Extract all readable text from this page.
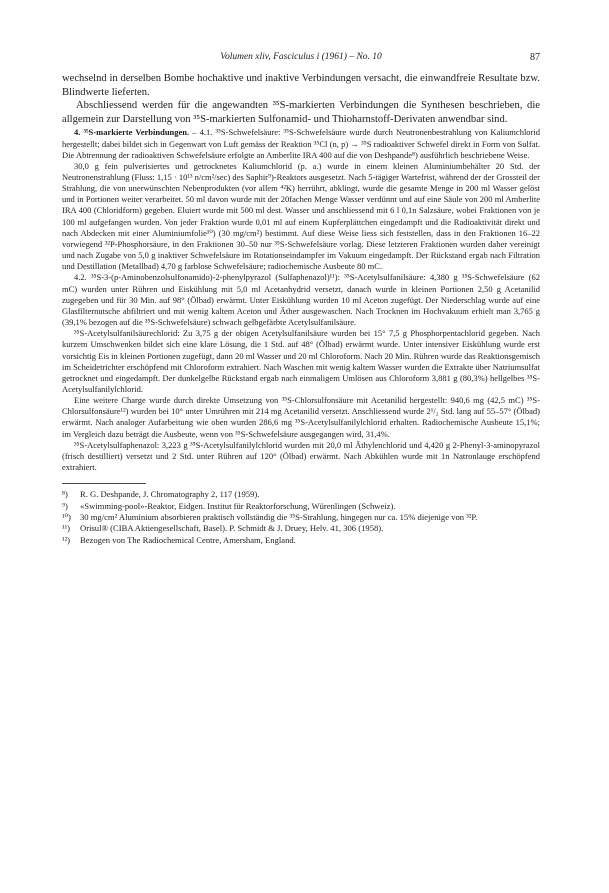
Volumen xliv, Fasciculus i (1961) – No. 10	87

wechselnd in derselben Bombe hochaktive und inaktive Verbindungen versacht, die einwandfreie Resultate bzw. Blindwerte lieferten.

Abschliessend werden für die angewandten ³⁵S-markierten Verbindungen die Synthesen beschrieben, die allgemein zur Darstellung von ³⁵S-markierten Sulfonamid- und Thioharnstoff-Derivaten anwendbar sind.

4. ³⁵S-markierte Verbindungen. – 4.1. ³⁵S-Schwefelsäure: ³⁵S-Schwefelsäure wurde durch Neutronenbestrahlung von Kaliumchlorid hergestellt; dabei bildet sich in Gegenwart von Luft gemäss der Reaktion ³⁵Cl (n, p) → ³⁵S radioaktiver Schwefel direkt in Form von Sulfat. Die Abtrennung der radioaktiven Schwefelsäure erfolgte an Amberlite IRA 400 auf die von Deshpande⁸) ausführlich beschriebene Weise.

30,0 g fein pulverisiertes und getrocknetes Kaliumchlorid (p. a.) wurde in einem kleinen Aluminiumbehälter 20 Std. der Neutronenstrahlung (Fluss: 1,15 · 10¹³ n/cm²/sec) des Saphir⁹)-Reaktors ausgesetzt. Nach 5-tägiger Wartefrist, während der der Grossteil der Strahlung, die von unerwünschten Nebenprodukten (vor allem ⁴²K) herrührt, abklingt, wurde die gesamte Menge in 200 ml Wasser gelöst und in Portionen weiter verarbeitet. 50 ml davon wurde mit der 20fachen Menge Wasser verdünnt und auf eine Säule von 200 ml Amberlite IRA 400 (Chloridform) gegeben. Eluiert wurde mit 500 ml dest. Wasser und anschliessend mit 6 l 0,1n Salzsäure, wobei Fraktionen von je 100 ml aufgefangen wurden. Von jeder Fraktion wurde 0,01 ml auf einem Kupferplättchen eingedampft und die Radioaktivität direkt und nach Abdecken mit einer Aluminiumfolie¹⁰) (30 mg/cm²) bestimmt. Auf diese Weise liess sich feststellen, dass in den Fraktionen 16–22 vorwiegend ³²P-Phosphorsäure, in den Fraktionen 30–50 nur ³⁵S-Schwefelsäure vorlag. Diese letzteren Fraktionen wurden daher vereinigt und nach Zugabe von 5,0 g inaktiver Schwefelsäure im Rotationseindampfer im Vakuum eingedampft. Der Rückstand ergab nach Filtration und Destillation (Metallbad) 4,70 g farblose Schwefelsäure; radiochemische Ausbeute 80 mC.

4.2. ³⁵S-3-(p-Aminobenzolsulfonamido)-2-phenylpyrazol (Sulfaphenazol)¹¹): ³⁵S-Acetylsulfanilsäure: 4,380 g ³⁵S-Schwefelsäure (62 mC) wurden unter Rühren und Eiskühlung mit 5,0 ml Acetanhydrid versetzt, danach wurde in kleinen Portionen 2,50 g Acetanilid zugegeben und für 30 Min. auf 98° (Ölbad) erwärmt. Unter Eiskühlung wurden 10 ml Aceton zugefügt. Der Niederschlag wurde auf eine Glasfilternutsche abfiltriert und mit wenig kaltem Aceton und Äther ausgewaschen. Nach Trocknen im Hochvakuum erhielt man 3,765 g (39,1% bezogen auf die ³⁵S-Schwefelsäure) schwach gelbgefärbte Acetylsulfanilsäure.

³⁵S-Acetylsulfanilsäurechlorid: Zu 3,75 g der obigen Acetylsulfanilsäure wurden bei 15° 7,5 g Phosphorpentachlorid gegeben. Nach kurzem Umschwenken bildet sich eine klare Lösung, die 1 Std. auf 48° (Ölbad) erwärmt wurde. Unter intensiver Eiskühlung wurde erst vorsichtig Eis in kleinen Portionen zugefügt, dann 20 ml Wasser und 20 ml Chloroform. Nach 20 Min. Rühren wurde das Reaktionsgemisch im Scheidetrichter erschöpfend mit Chloroform extrahiert. Nach Waschen mit wenig kaltem Wasser wurden die Extrakte über Natriumsulfat getrocknet und eingedampft. Der dunkelgelbe Rückstand ergab nach einmaligem Umlösen aus Chloroform 3,881 g (80,3%) hellgelbes ³⁵S-Acetylsulfanilylchlorid.

Eine weitere Charge wurde durch direkte Umsetzung von ³⁵S-Chlorsulfonsäure mit Acetanilid hergestellt: 940,6 mg (42,5 mC) ³⁵S-Chlorsulfonsäure¹²) wurden bei 10° unter Umrühren mit 214 mg Acetanilid versetzt. Anschliessend wurde 2¹/₂ Std. lang auf 55–57° (Ölbad) erwärmt. Nach analoger Aufarbeitung wie oben wurden 286,6 mg ³⁵S-Acetylsulfanilylchlorid erhalten. Radiochemische Ausbeute 15,1%; im Vergleich dazu beträgt die Ausbeute, wenn von ³⁵S-Schwefelsäure ausgegangen wird, 31,4%.

³⁵S-Acetylsulfaphenazol: 3,223 g ³⁵S-Acetylsulfanilylchlorid wurden mit 20,0 ml Äthylenchlorid und 4,420 g 2-Phenyl-3-aminopyrazol (frisch destilliert) versetzt und 2 Std. unter Rühren auf 120° (Ölbad) erwärmt. Nach Abkühlen wurde mit 1n Natronlauge erschöpfend extrahiert.

⁸)	R. G. Deshpande, J. Chromatography 2, 117 (1959).
⁹)	«Swimming-pool»-Reaktor, Eidgen. Institut für Reaktorforschung, Würenlingen (Schweiz).
¹⁰)	30 mg/cm² Aluminium absorbieren praktisch vollständig die ³⁵S-Strahlung, hingegen nur ca. 15% diejenige von ³²P.
¹¹)	Orisul® (CIBA Aktiengesellschaft, Basel). P. Schmidt & J. Druey, Helv. 41, 306 (1958).
¹²)	Bezogen von The Radiochemical Centre, Amersham, England.
